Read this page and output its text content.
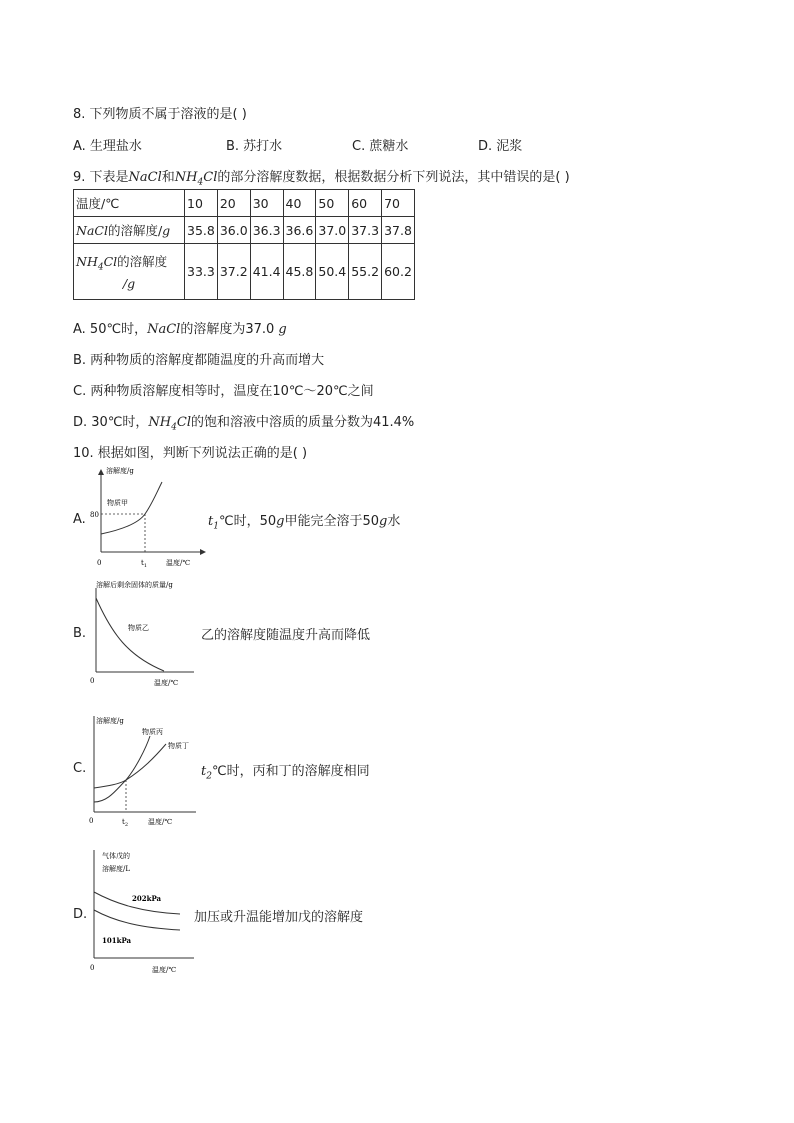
8. 下列物质不属于溶液的是( )
A. 生理盐水	B. 苏打水	C. 蔗糖水	D. 泥浆
9. 下表是NaCl和$NH_4Cl$的部分溶解度数据，根据数据分析下列说法，其中错误的是( )
温度/℃	10	20	30	40	50	60	70
NaCl的溶解度/g	35.8	36.0	36.3	36.6	37.0	37.3	37.8

$NH_4Cl$的溶解度
/g	33.3	37.2	41.4	45.8	50.4	55.2	60.2
A. 50℃时，NaCl的溶解度为37.0 g
B. 两种物质的溶解度都随温度的升高而增大
C. 两种物质溶解度相等时，温度在10℃～20℃之间
D. 30℃时，$NH_4Cl$的饱和溶液中溶质的质量分数为41.4%
10. 根据如图，判断下列说法正确的是( )
A.
溶解度/g
物质甲
80
0	$t_1$	温度/℃
$t_1℃$时，50g甲能完全溶于50g水
B.
溶解后剩余固体的质量/g
物质乙
0	温度/℃
乙的溶解度随温度升高而降低
C.
溶解度/g
物质丙
物质丁
0	$t_2$	温度/℃
$t_2℃$时，丙和丁的溶解度相同
D.
气体戊的
溶解度/L
202kPa
101kPa
0	温度/℃
加压或升温能增加戊的溶解度
